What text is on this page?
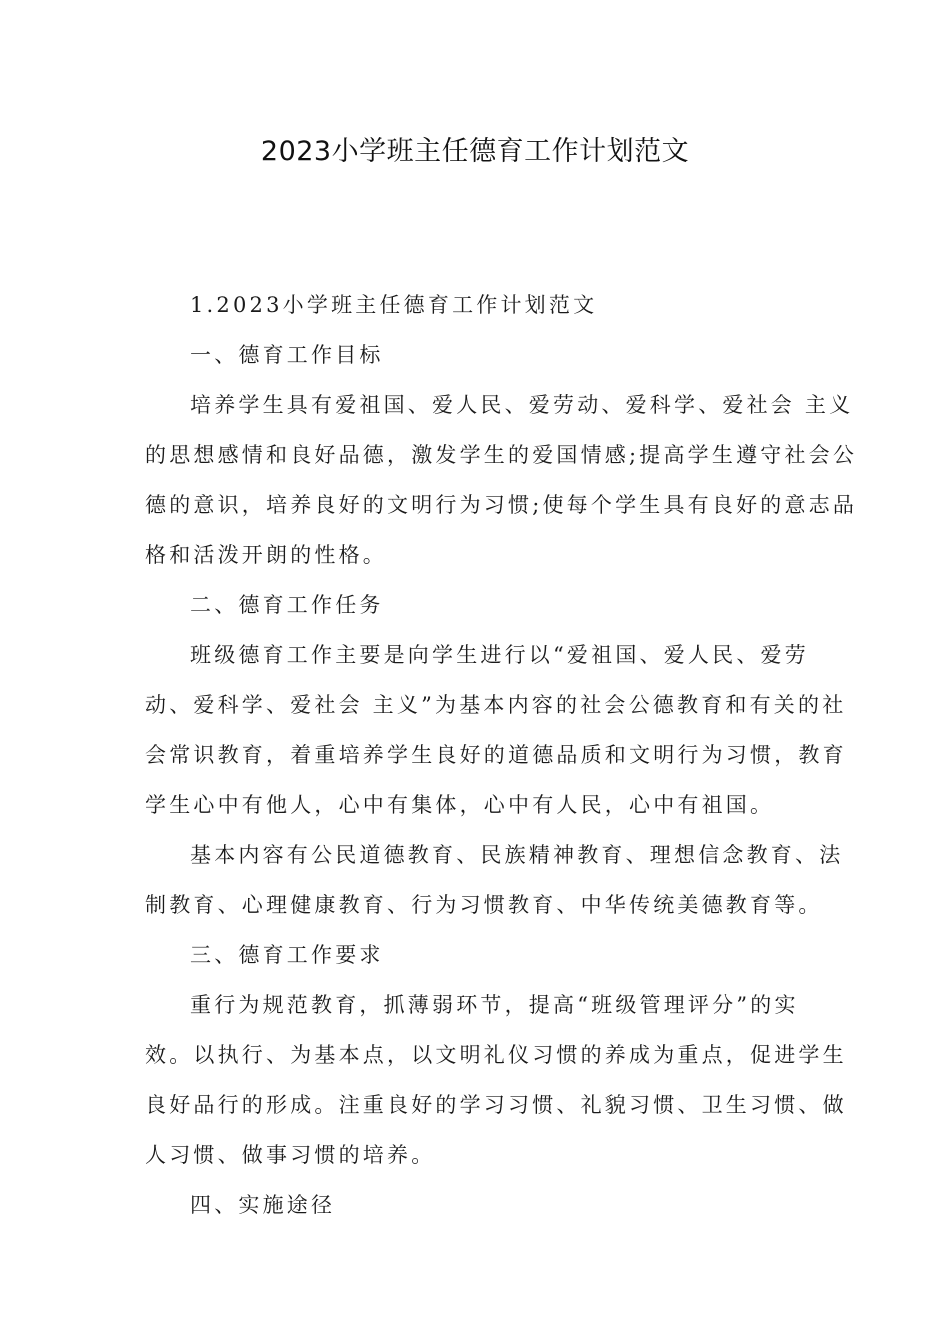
2023小学班主任德育工作计划范文
1.2023小学班主任德育工作计划范文
一、德育工作目标
培养学生具有爱祖国、爱人民、爱劳动、爱科学、爱社会 主义
的思想感情和良好品德，激发学生的爱国情感;提高学生遵守社会公
德的意识，培养良好的文明行为习惯;使每个学生具有良好的意志品
格和活泼开朗的性格。
二、德育工作任务
班级德育工作主要是向学生进行以“爱祖国、爱人民、爱劳
动、爱科学、爱社会 主义”为基本内容的社会公德教育和有关的社
会常识教育，着重培养学生良好的道德品质和文明行为习惯，教育
学生心中有他人，心中有集体，心中有人民，心中有祖国。
基本内容有公民道德教育、民族精神教育、理想信念教育、法
制教育、心理健康教育、行为习惯教育、中华传统美德教育等。
三、德育工作要求
重行为规范教育，抓薄弱环节，提高“班级管理评分”的实
效。以执行、为基本点，以文明礼仪习惯的养成为重点，促进学生
良好品行的形成。注重良好的学习习惯、礼貌习惯、卫生习惯、做
人习惯、做事习惯的培养。
四、实施途径
